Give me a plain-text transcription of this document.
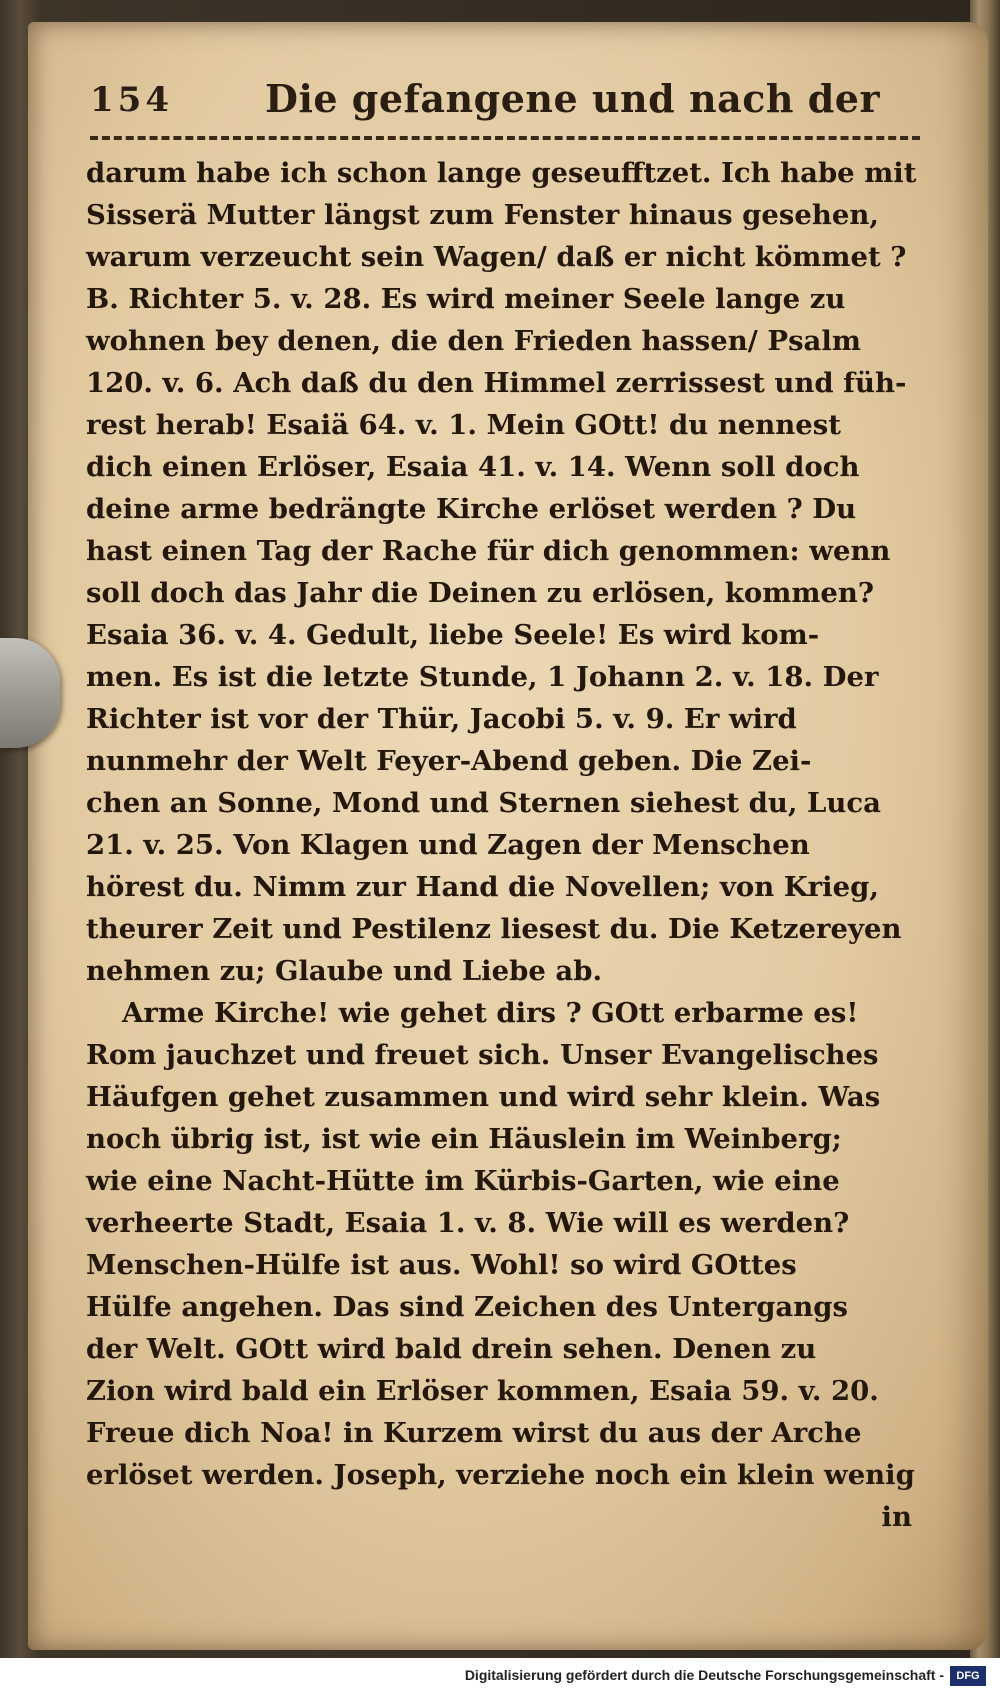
154 Die gefangene und nach der
darum habe ich schon lange geseufftzet. Ich habe mit
Sisserä Mutter längst zum Fenster hinaus gesehen,
warum verzeucht sein Wagen/ daß er nicht kömmet ?
B. Richter 5. v. 28. Es wird meiner Seele lange zu
wohnen bey denen, die den Frieden hassen/ Psalm
120. v. 6. Ach daß du den Himmel zerrissest und füh-
rest herab! Esaiä 64. v. 1. Mein GOtt! du nennest
dich einen Erlöser, Esaia 41. v. 14. Wenn soll doch
deine arme bedrängte Kirche erlöset werden ? Du
hast einen Tag der Rache für dich genommen: wenn
soll doch das Jahr die Deinen zu erlösen, kommen?
Esaia 36. v. 4. Gedult, liebe Seele! Es wird kom-
men. Es ist die letzte Stunde, 1 Johann 2. v. 18. Der
Richter ist vor der Thür, Jacobi 5. v. 9. Er wird
nunmehr der Welt Feyer-Abend geben. Die Zei-
chen an Sonne, Mond und Sternen siehest du, Luca
21. v. 25. Von Klagen und Zagen der Menschen
hörest du. Nimm zur Hand die Novellen; von Krieg,
theurer Zeit und Pestilenz liesest du. Die Ketzereyen
nehmen zu; Glaube und Liebe ab.
Arme Kirche! wie gehet dirs ? GOtt erbarme es!
Rom jauchzet und freuet sich. Unser Evangelisches
Häufgen gehet zusammen und wird sehr klein. Was
noch übrig ist, ist wie ein Häuslein im Weinberg;
wie eine Nacht-Hütte im Kürbis-Garten, wie eine
verheerte Stadt, Esaia 1. v. 8. Wie will es werden?
Menschen-Hülfe ist aus. Wohl! so wird GOttes
Hülfe angehen. Das sind Zeichen des Untergangs
der Welt. GOtt wird bald drein sehen. Denen zu
Zion wird bald ein Erlöser kommen, Esaia 59. v. 20.
Freue dich Noa! in Kurzem wirst du aus der Arche
erlöset werden. Joseph, verziehe noch ein klein wenig
in
Digitalisierung gefördert durch die Deutsche Forschungsgemeinschaft -	DFG
